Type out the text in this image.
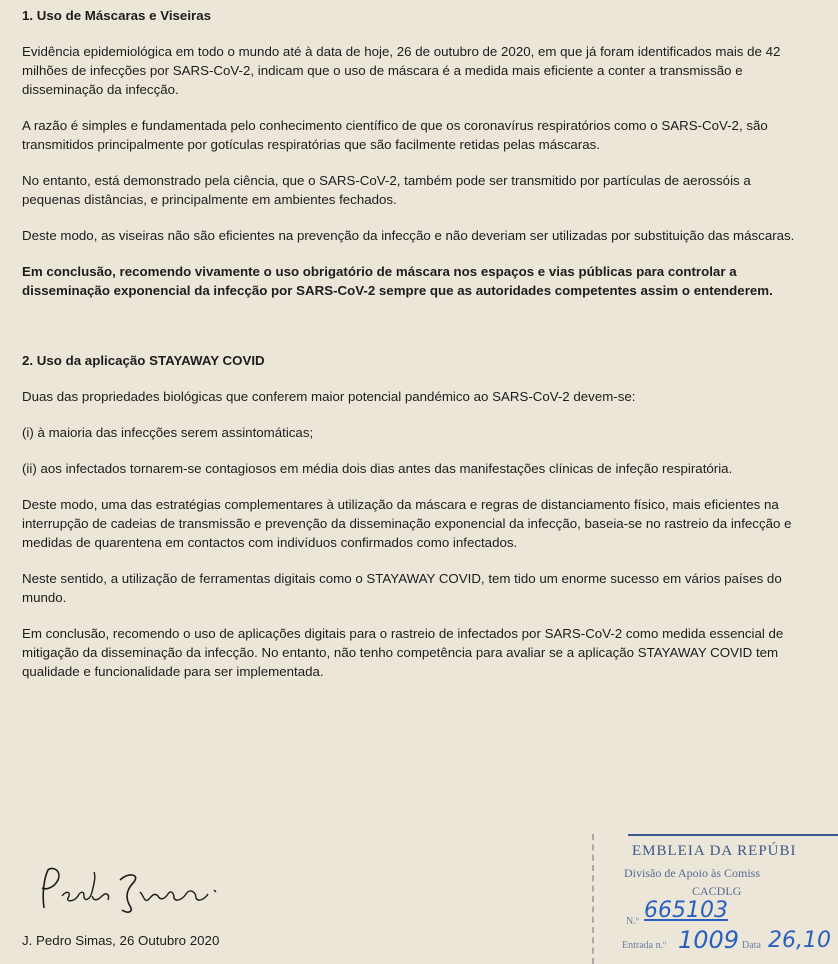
1. Uso de Máscaras e Viseiras

Evidência epidemiológica em todo o mundo até à data de hoje, 26 de outubro de 2020, em que já foram identificados mais de 42 milhões de infecções por SARS-CoV-2, indicam que o uso de máscara é a medida mais eficiente a conter a transmissão e disseminação da infecção.

A razão é simples e fundamentada pelo conhecimento científico de que os coronavírus respiratórios como o SARS-CoV-2, são transmitidos principalmente por gotículas respiratórias que são facilmente retidas pelas máscaras.

No entanto, está demonstrado pela ciência, que o SARS-CoV-2, também pode ser transmitido por partículas de aerossóis a pequenas distâncias, e principalmente em ambientes fechados.

Deste modo, as viseiras não são eficientes na prevenção da infecção e não deveriam ser utilizadas por substituição das máscaras.

Em conclusão, recomendo vivamente o uso obrigatório de máscara nos espaços e vias públicas para controlar a disseminação exponencial da infecção por SARS-CoV-2 sempre que as autoridades competentes assim o entenderem.

2. Uso da aplicação STAYAWAY COVID

Duas das propriedades biológicas que conferem maior potencial pandémico ao SARS-CoV-2 devem-se:

(i) à maioria das infecções serem assintomáticas;

(ii) aos infectados tornarem-se contagiosos em média dois dias antes das manifestações clínicas de infeção respiratória.

Deste modo, uma das estratégias complementares à utilização da máscara e regras de distanciamento físico, mais eficientes na interrupção de cadeias de transmissão e prevenção da disseminação exponencial da infecção, baseia-se no rastreio da infecção e medidas de quarentena em contactos com indivíduos confirmados como infectados.

Neste sentido, a utilização de ferramentas digitais como o STAYAWAY COVID, tem tido um enorme sucesso em vários países do mundo.

Em conclusão, recomendo o uso de aplicações digitais para o rastreio de infectados por SARS-CoV-2 como medida essencial de mitigação da disseminação da infecção. No entanto, não tenho competência para avaliar se a aplicação STAYAWAY COVID tem qualidade e funcionalidade para ser implementada.

J. Pedro Simas, 26 Outubro 2020
EMBLEIA DA REPÚBI
Divisão de Apoio às Comiss
CACDLG
N.º 665103
Entrada n.º 1009 Data 26,10
